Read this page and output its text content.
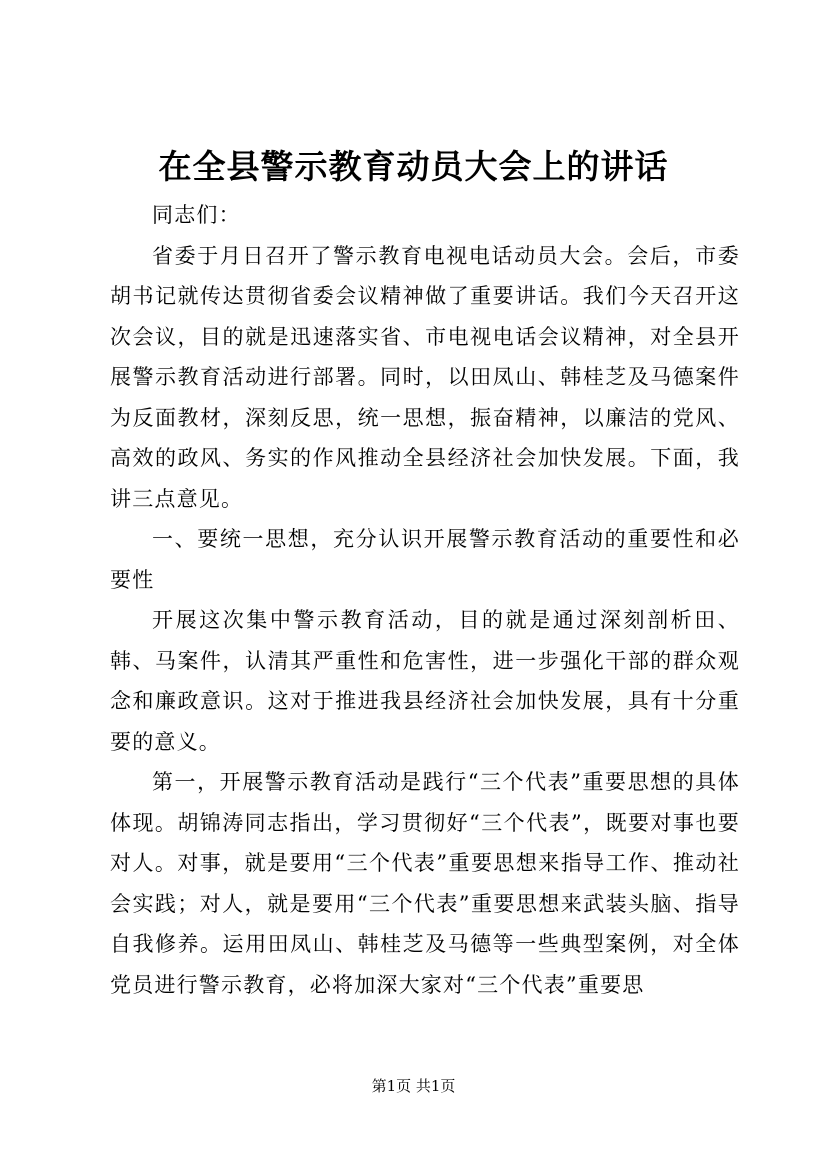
在全县警示教育动员大会上的讲话

同志们：

省委于月日召开了警示教育电视电话动员大会。会后，市委胡书记就传达贯彻省委会议精神做了重要讲话。我们今天召开这次会议，目的就是迅速落实省、市电视电话会议精神，对全县开展警示教育活动进行部署。同时，以田凤山、韩桂芝及马德案件为反面教材，深刻反思，统一思想，振奋精神，以廉洁的党风、高效的政风、务实的作风推动全县经济社会加快发展。下面，我讲三点意见。

一、要统一思想，充分认识开展警示教育活动的重要性和必要性

开展这次集中警示教育活动，目的就是通过深刻剖析田、韩、马案件，认清其严重性和危害性，进一步强化干部的群众观念和廉政意识。这对于推进我县经济社会加快发展，具有十分重要的意义。

第一，开展警示教育活动是践行“三个代表”重要思想的具体体现。胡锦涛同志指出，学习贯彻好“三个代表”，既要对事也要对人。对事，就是要用“三个代表”重要思想来指导工作、推动社会实践；对人，就是要用“三个代表”重要思想来武装头脑、指导自我修养。运用田凤山、韩桂芝及马德等一些典型案例，对全体党员进行警示教育，必将加深大家对“三个代表”重要思

第1页 共1页
